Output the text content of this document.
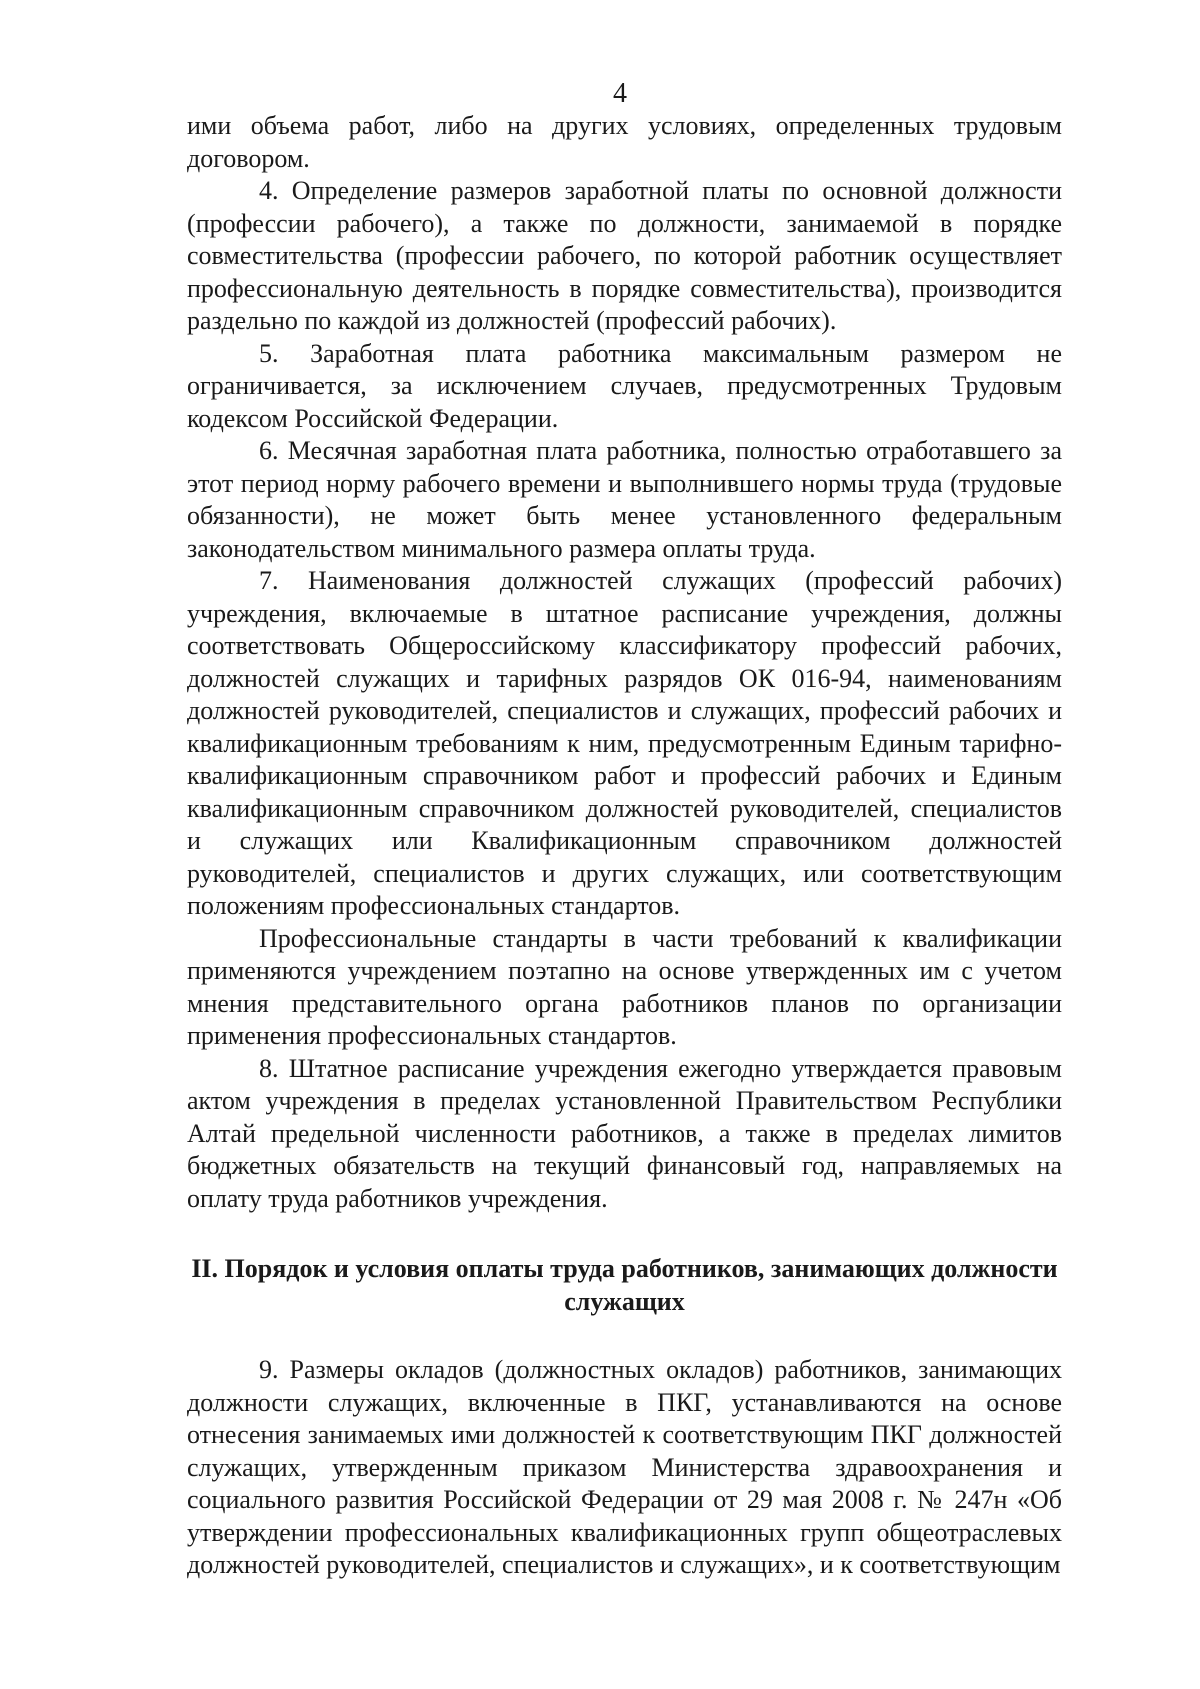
4

ими объема работ, либо на других условиях, определенных трудовым договором.

4. Определение размеров заработной платы по основной должности (профессии рабочего), а также по должности, занимаемой в порядке совместительства (профессии рабочего, по которой работник осуществляет профессиональную деятельность в порядке совместительства), производится раздельно по каждой из должностей (профессий рабочих).

5. Заработная плата работника максимальным размером не ограничивается, за исключением случаев, предусмотренных Трудовым кодексом Российской Федерации.

6. Месячная заработная плата работника, полностью отработавшего за этот период норму рабочего времени и выполнившего нормы труда (трудовые обязанности), не может быть менее установленного федеральным законодательством минимального размера оплаты труда.

7. Наименования должностей служащих (профессий рабочих) учреждения, включаемые в штатное расписание учреждения, должны соответствовать Общероссийскому классификатору профессий рабочих, должностей служащих и тарифных разрядов ОК 016-94, наименованиям должностей руководителей, специалистов и служащих, профессий рабочих и квалификационным требованиям к ним, предусмотренным Единым тарифно-квалификационным справочником работ и профессий рабочих и Единым квалификационным справочником должностей руководителей, специалистов и служащих или Квалификационным справочником должностей руководителей, специалистов и других служащих, или соответствующим положениям профессиональных стандартов.

Профессиональные стандарты в части требований к квалификации применяются учреждением поэтапно на основе утвержденных им с учетом мнения представительного органа работников планов по организации применения профессиональных стандартов.

8. Штатное расписание учреждения ежегодно утверждается правовым актом учреждения в пределах установленной Правительством Республики Алтай предельной численности работников, а также в пределах лимитов бюджетных обязательств на текущий финансовый год, направляемых на оплату труда работников учреждения.

II. Порядок и условия оплаты труда работников, занимающих должности
служащих

9. Размеры окладов (должностных окладов) работников, занимающих должности служащих, включенные в ПКГ, устанавливаются на основе отнесения занимаемых ими должностей к соответствующим ПКГ должностей служащих, утвержденным приказом Министерства здравоохранения и социального развития Российской Федерации от 29 мая 2008 г. № 247н «Об утверждении профессиональных квалификационных групп общеотраслевых должностей руководителей, специалистов и служащих», и к соответствующим
